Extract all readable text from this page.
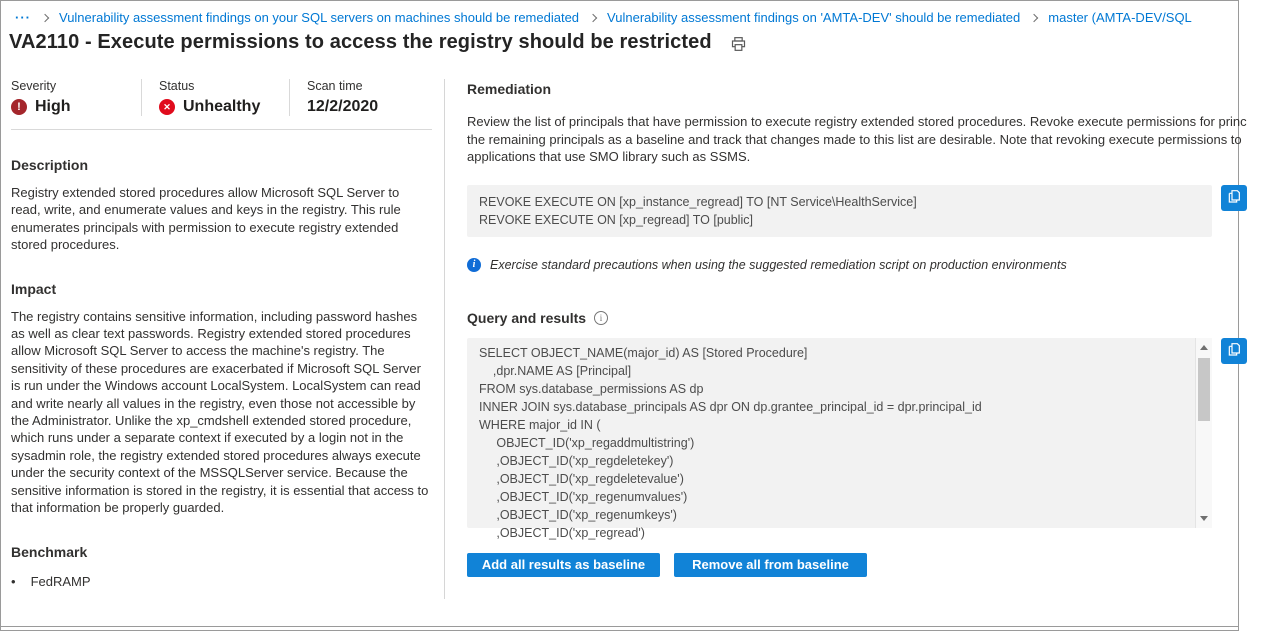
··· Vulnerability assessment findings on your SQL servers on machines should be remediated Vulnerability assessment findings on 'AMTA-DEV' should be remediated master (AMTA-DEV/SQL
VA2110 - Execute permissions to access the registry should be restricted
Severity
! High
Status
✕ Unhealthy
Scan time
12/2/2020
Description

Registry extended stored procedures allow Microsoft SQL Server to read, write, and enumerate values and keys in the registry. This rule enumerates principals with permission to execute registry extended stored procedures.

Impact

The registry contains sensitive information, including password hashes as well as clear text passwords. Registry extended stored procedures allow Microsoft SQL Server to access the machine's registry. The sensitivity of these procedures are exacerbated if Microsoft SQL Server is run under the Windows account LocalSystem. LocalSystem can read and write nearly all values in the registry, even those not accessible by the Administrator. Unlike the xp_cmdshell extended stored procedure, which runs under a separate context if executed by a login not in the sysadmin role, the registry extended stored procedures always execute under the security context of the MSSQLServer service. Because the sensitive information is stored in the registry, it is essential that access to that information be properly guarded.

Benchmark
• FedRAMP
Remediation
Review the list of principals that have permission to execute registry extended stored procedures. Revoke execute permissions for princ
the remaining principals as a baseline and track that changes made to this list are desirable. Note that revoking execute permissions to
applications that use SMO library such as SSMS.
REVOKE EXECUTE ON [xp_instance_regread] TO [NT Service\HealthService]
REVOKE EXECUTE ON [xp_regread] TO [public]
i	Exercise standard precautions when using the suggested remediation script on production environments
Query and results	i
SELECT OBJECT_NAME(major_id) AS [Stored Procedure]
,dpr.NAME AS [Principal]
FROM sys.database_permissions AS dp
INNER JOIN sys.database_principals AS dpr ON dp.grantee_principal_id = dpr.principal_id
WHERE major_id IN (
OBJECT_ID('xp_regaddmultistring')
,OBJECT_ID('xp_regdeletekey')
,OBJECT_ID('xp_regdeletevalue')
,OBJECT_ID('xp_regenumvalues')
,OBJECT_ID('xp_regenumkeys')
,OBJECT_ID('xp_regread')
Add all results as baseline	Remove all from baseline
